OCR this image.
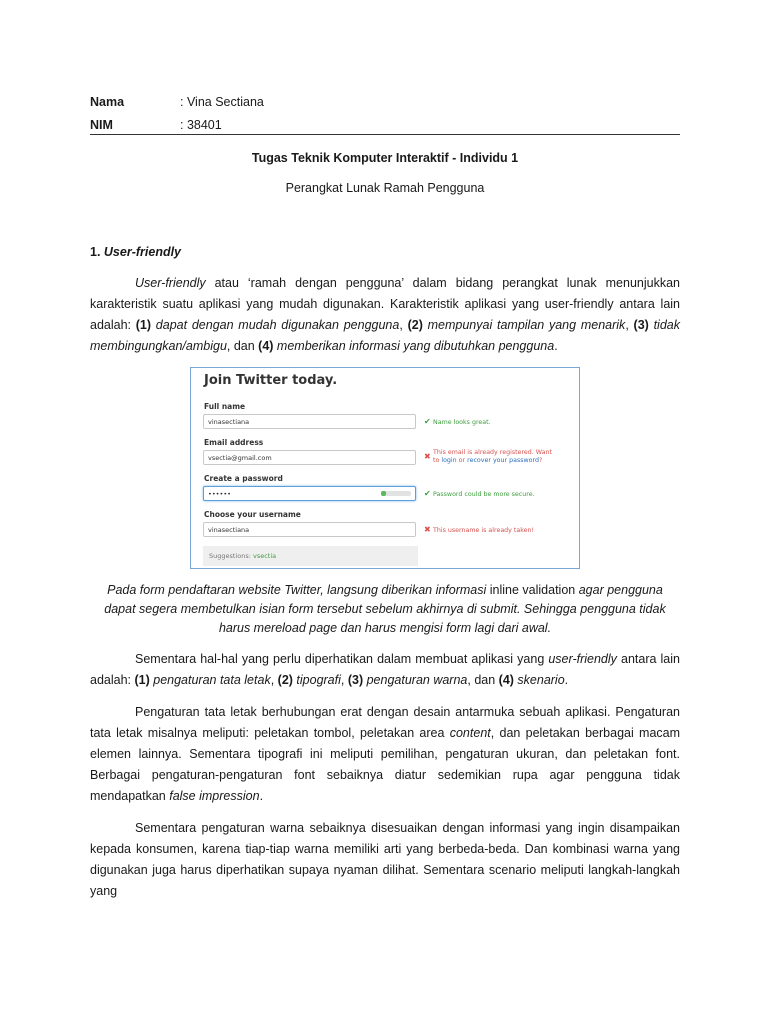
Nama	: Vina Sectiana
NIM	: 38401
Tugas Teknik Komputer Interaktif - Individu 1
Perangkat Lunak Ramah Pengguna
1. User-friendly
User-friendly atau ‘ramah dengan pengguna’ dalam bidang perangkat lunak menunjukkan karakteristik suatu aplikasi yang mudah digunakan. Karakteristik aplikasi yang user-friendly antara lain adalah: (1) dapat dengan mudah digunakan pengguna, (2) mempunyai tampilan yang menarik, (3) tidak membingungkan/ambigu, dan (4) memberikan informasi yang dibutuhkan pengguna.
Join Twitter today.
Full name
vinasectiana	✔ Name looks great.
Email address
vsectia@gmail.com	✖ This email is already registered. Want
to login or recover your password?
Create a password
••••••	✔ Password could be more secure.
Choose your username
vinasectiana	✖ This username is already taken!
Suggestions: vsectia
Pada form pendaftaran website Twitter, langsung diberikan informasi inline validation agar pengguna dapat segera membetulkan isian form tersebut sebelum akhirnya di submit. Sehingga pengguna tidak harus mereload page dan harus mengisi form lagi dari awal.
Sementara hal-hal yang perlu diperhatikan dalam membuat aplikasi yang user-friendly antara lain adalah: (1) pengaturan tata letak, (2) tipografi, (3) pengaturan warna, dan (4) skenario.
Pengaturan tata letak berhubungan erat dengan desain antarmuka sebuah aplikasi. Pengaturan tata letak misalnya meliputi: peletakan tombol, peletakan area content, dan peletakan berbagai macam elemen lainnya. Sementara tipografi ini meliputi pemilihan, pengaturan ukuran, dan peletakan font. Berbagai pengaturan-pengaturan font sebaiknya diatur sedemikian rupa agar pengguna tidak mendapatkan false impression.
Sementara pengaturan warna sebaiknya disesuaikan dengan informasi yang ingin disampaikan kepada konsumen, karena tiap-tiap warna memiliki arti yang berbeda-beda. Dan kombinasi warna yang digunakan juga harus diperhatikan supaya nyaman dilihat. Sementara scenario meliputi langkah-langkah yang
